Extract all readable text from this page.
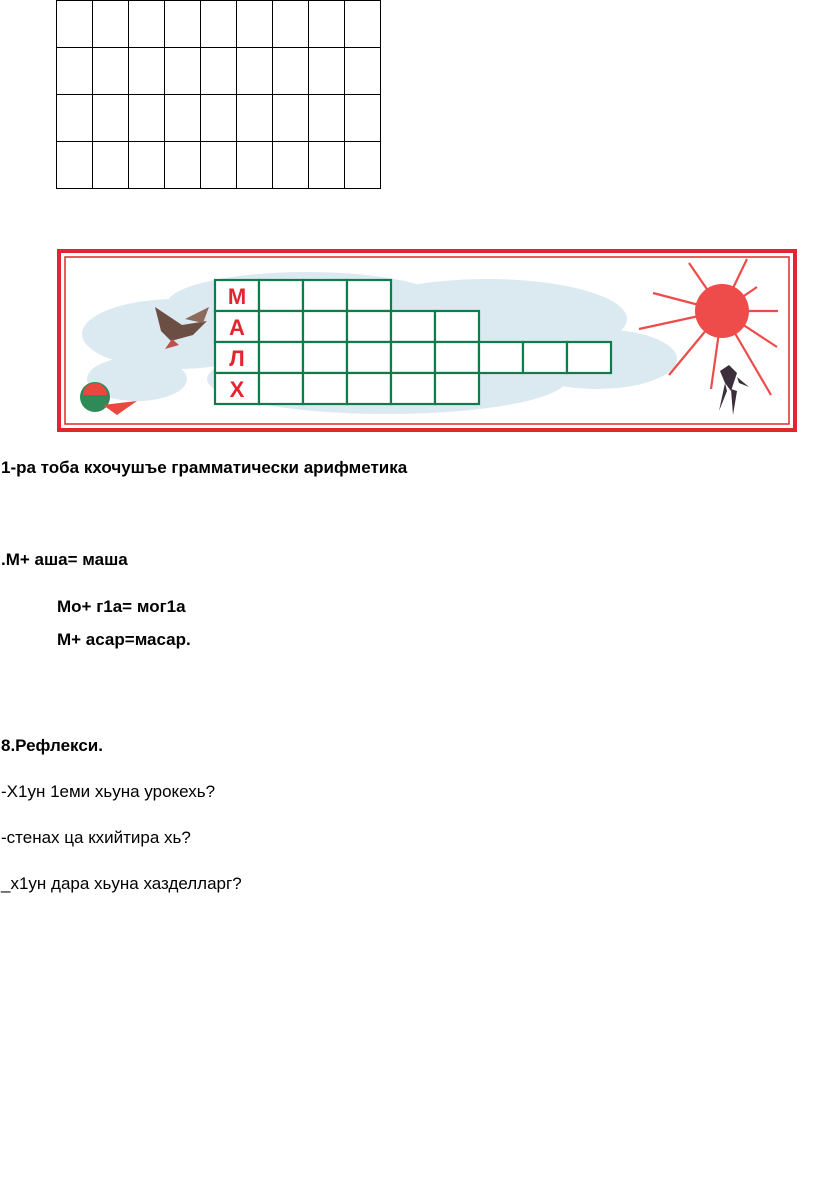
М
А
Л
Х
1-ра тоба кхочушъе грамматически арифметика
.М+ аша= маша
Мо+ г1а= мог1а
М+ асар=масар.
8.Рефлекси.
-Х1ун 1еми хьуна урокехь?
-стенах ца кхийтира хь?
_х1ун дара хьуна хазделларг?
